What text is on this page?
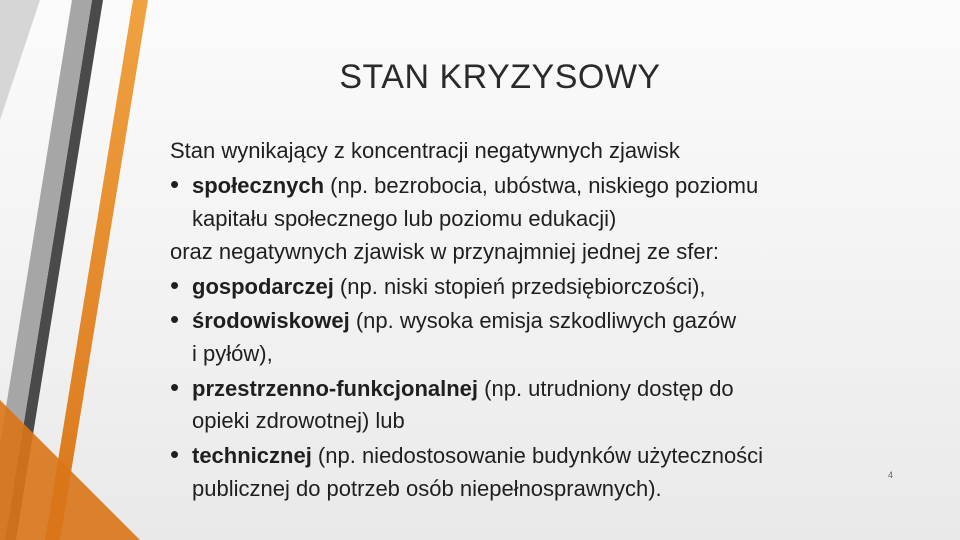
STAN KRYZYSOWY
Stan wynikający z koncentracji negatywnych zjawisk
• społecznych (np. bezrobocia, ubóstwa, niskiego poziomu
kapitału społecznego lub poziomu edukacji)
oraz negatywnych zjawisk w przynajmniej jednej ze sfer:
• gospodarczej (np. niski stopień przedsiębiorczości),
• środowiskowej (np. wysoka emisja szkodliwych gazów
i pyłów),
• przestrzenno-funkcjonalnej (np. utrudniony dostęp do
opieki zdrowotnej) lub
• technicznej (np. niedostosowanie budynków użyteczności
publicznej do potrzeb osób niepełnosprawnych).
4
